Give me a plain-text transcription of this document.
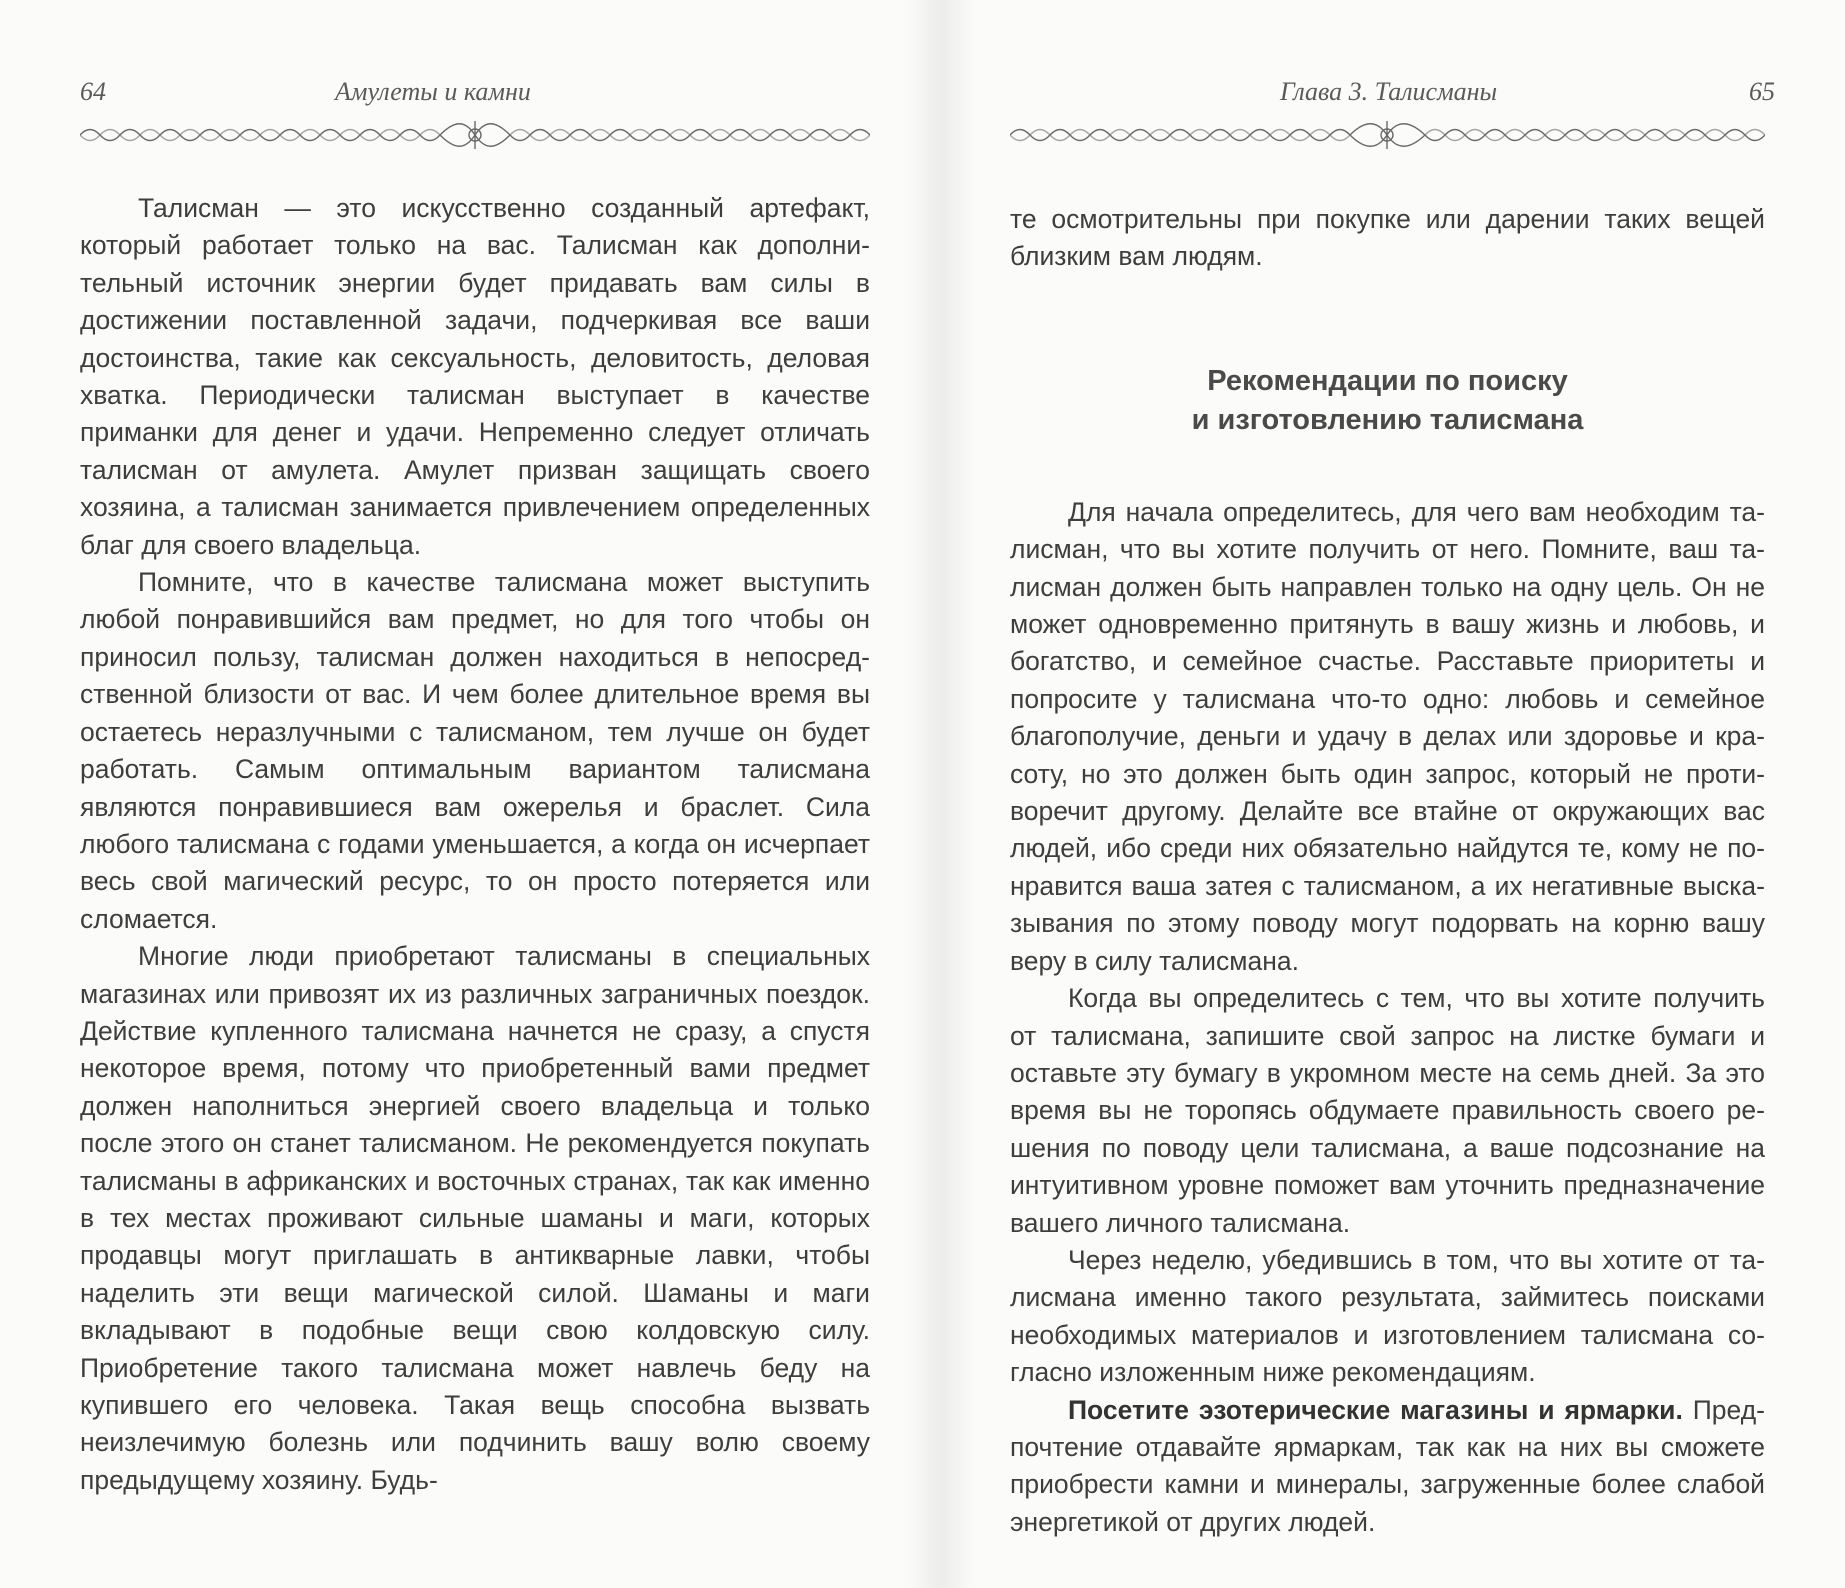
64	Амулеты и камни

Талисман — это искусственно созданный артефакт, который работает только на вас. Талисман как дополнительный источник энергии будет придавать вам силы в достижении поставленной задачи, подчеркивая все ваши достоинства, такие как сексуальность, деловитость, деловая хватка. Периодически талисман выступает в качестве приманки для денег и удачи. Непременно следует отличать талисман от амулета. Амулет призван защищать своего хозяина, а талисман занимается привлечением определенных благ для своего владельца.

Помните, что в качестве талисмана может выступить любой понравившийся вам предмет, но для того чтобы он приносил пользу, талисман должен находиться в непосредственной близости от вас. И чем более длительное время вы остаетесь неразлучными с талисманом, тем лучше он будет работать. Самым оптимальным вариантом талисмана являются понравившиеся вам ожерелья и браслет. Сила любого талисмана с годами уменьшается, а когда он исчерпает весь свой магический ресурс, то он просто потеряется или сломается.

Многие люди приобретают талисманы в специальных магазинах или привозят их из различных заграничных поездок. Действие купленного талисмана начнется не сразу, а спустя некоторое время, потому что приобретенный вами предмет должен наполниться энергией своего владельца и только после этого он станет талисманом. Не рекомендуется покупать талисманы в африканских и восточных странах, так как именно в тех местах проживают сильные шаманы и маги, которых продавцы могут приглашать в антикварные лавки, чтобы наделить эти вещи магической силой. Шаманы и маги вкладывают в подобные вещи свою колдовскую силу. Приобретение такого талисмана может навлечь беду на купившего его человека. Такая вещь способна вызвать неизлечимую болезнь или подчинить вашу волю своему предыдущему хозяину. Будь-

Глава 3. Талисманы	65

те осмотрительны при покупке или дарении таких вещей близким вам людям.

Рекомендации по поиску
и изготовлению талисмана

Для начала определитесь, для чего вам необходим талисман, что вы хотите получить от него. Помните, ваш талисман должен быть направлен только на одну цель. Он не может одновременно притянуть в вашу жизнь и любовь, и богатство, и семейное счастье. Расставьте приоритеты и попросите у талисмана что-то одно: любовь и семейное благополучие, деньги и удачу в делах или здоровье и красоту, но это должен быть один запрос, который не противоречит другому. Делайте все втайне от окружающих вас людей, ибо среди них обязательно найдутся те, кому не понравится ваша затея с талисманом, а их негативные высказывания по этому поводу могут подорвать на корню вашу веру в силу талисмана.

Когда вы определитесь с тем, что вы хотите получить от талисмана, запишите свой запрос на листке бумаги и оставьте эту бумагу в укромном месте на семь дней. За это время вы не торопясь обдумаете правильность своего решения по поводу цели талисмана, а ваше подсознание на интуитивном уровне поможет вам уточнить предназначение вашего личного талисмана.

Через неделю, убедившись в том, что вы хотите от талисмана именно такого результата, займитесь поисками необходимых материалов и изготовлением талисмана согласно изложенным ниже рекомендациям.

Посетите эзотерические магазины и ярмарки. Предпочтение отдавайте ярмаркам, так как на них вы сможете приобрести камни и минералы, загруженные более слабой энергетикой от других людей.
